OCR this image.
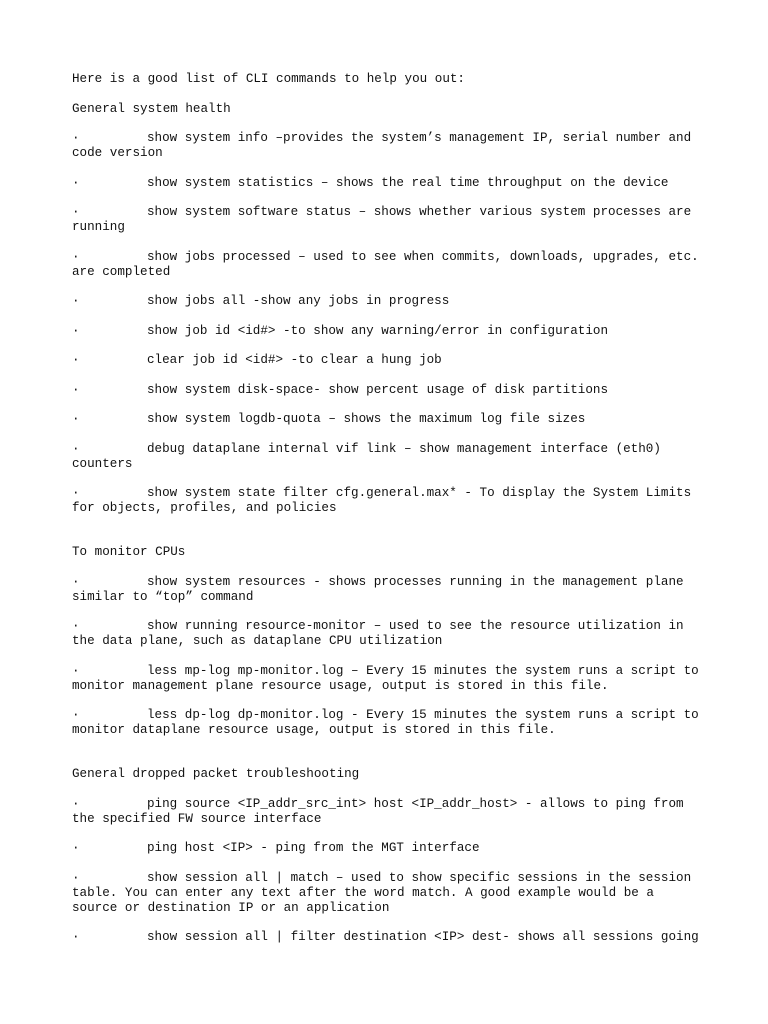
Here is a good list of CLI commands to help you out:

General system health

·	show system info –provides the system’s management IP, serial number and code version

·	show system statistics – shows the real time throughput on the device

·	show system software status – shows whether various system processes are running

·	show jobs processed – used to see when commits, downloads, upgrades, etc. are completed

·	show jobs all -show any jobs in progress

·	show job id <id#> -to show any warning/error in configuration

·	clear job id <id#> -to clear a hung job

·	show system disk-space- show percent usage of disk partitions

·	show system logdb-quota – shows the maximum log file sizes

·	debug dataplane internal vif link – show management interface (eth0) counters

·	show system state filter cfg.general.max* - To display the System Limits for objects, profiles, and policies

To monitor CPUs

·	show system resources - shows processes running in the management plane similar to “top” command

·	show running resource-monitor – used to see the resource utilization in the data plane, such as dataplane CPU utilization

·	less mp-log mp-monitor.log – Every 15 minutes the system runs a script to monitor management plane resource usage, output is stored in this file.

·	less dp-log dp-monitor.log - Every 15 minutes the system runs a script to monitor dataplane resource usage, output is stored in this file.

General dropped packet troubleshooting

·	ping source <IP_addr_src_int> host <IP_addr_host> - allows to ping from the specified FW source interface

·	ping host <IP> - ping from the MGT interface

·	show session all | match – used to show specific sessions in the session table. You can enter any text after the word match. A good example would be a source or destination IP or an application

·	show session all | filter destination <IP> dest- shows all sessions going
